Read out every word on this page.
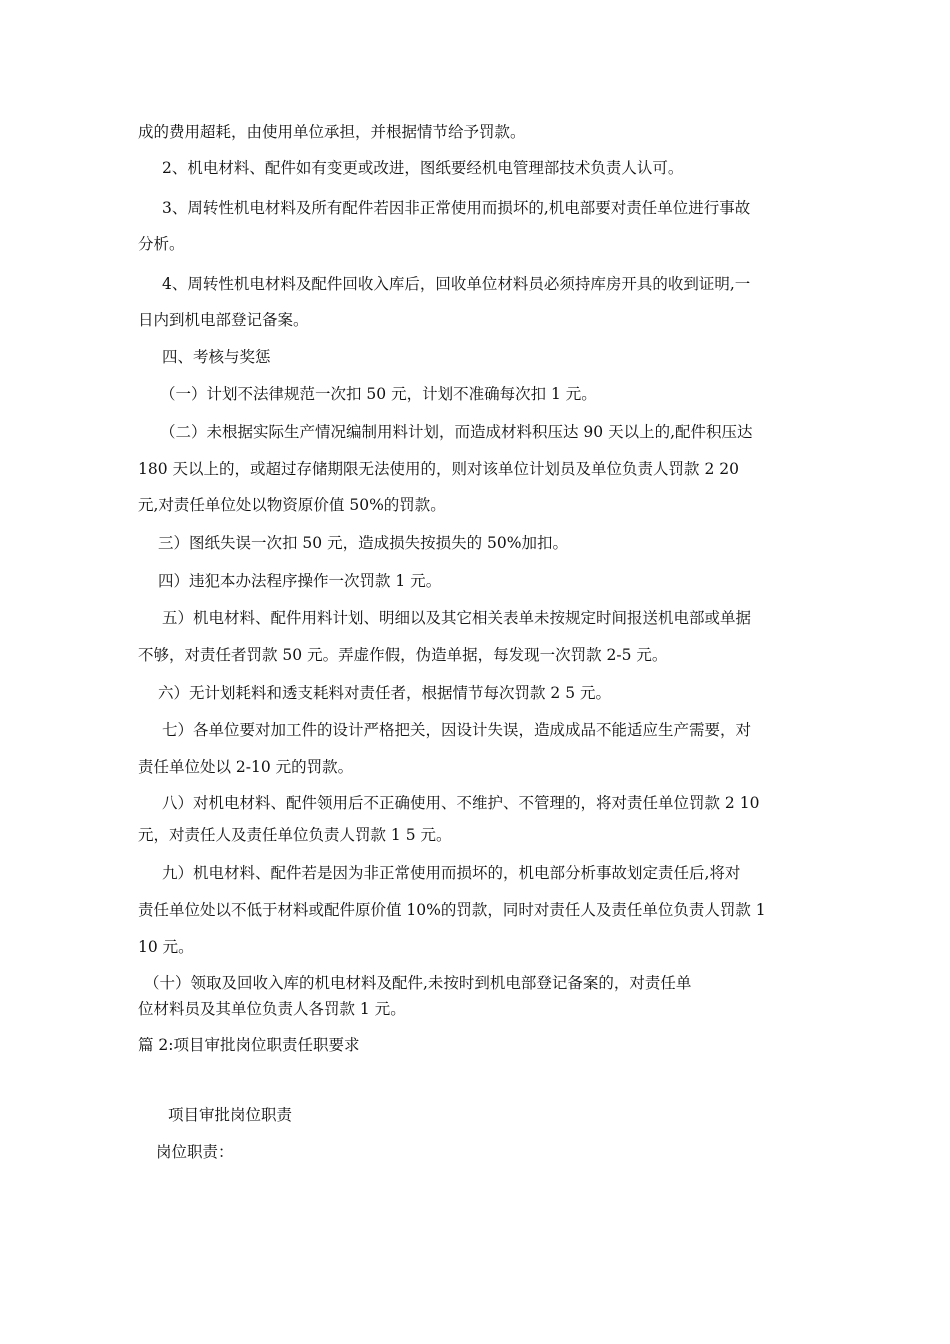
成的费用超耗，由使用单位承担，并根据情节给予罚款。
2、机电材料、配件如有变更或改进，图纸要经机电管理部技术负责人认可。
3、周转性机电材料及所有配件若因非正常使用而损坏的,机电部要对责任单位进行事故
分析。
4、周转性机电材料及配件回收入库后，回收单位材料员必须持库房开具的收到证明,一
日内到机电部登记备案。
四、考核与奖惩
（一）计划不法律规范一次扣 50 元，计划不准确每次扣 1 元。
（二）未根据实际生产情况编制用料计划，而造成材料积压达 90 天以上的,配件积压达
180 天以上的，或超过存储期限无法使用的，则对该单位计划员及单位负责人罚款 2 20
元,对责任单位处以物资原价值 50%的罚款。
三）图纸失误一次扣 50 元，造成损失按损失的 50%加扣。
四）违犯本办法程序操作一次罚款 1 元。
五）机电材料、配件用料计划、明细以及其它相关表单未按规定时间报送机电部或单据
不够，对责任者罚款 50 元。弄虚作假，伪造单据，每发现一次罚款 2-5 元。
六）无计划耗料和透支耗料对责任者，根据情节每次罚款 2 5 元。
七）各单位要对加工件的设计严格把关，因设计失误，造成成品不能适应生产需要，对
责任单位处以 2-10 元的罚款。
八）对机电材料、配件领用后不正确使用、不维护、不管理的，将对责任单位罚款 2 10
元，对责任人及责任单位负责人罚款 1 5 元。
九）机电材料、配件若是因为非正常使用而损坏的，机电部分析事故划定责任后,将对
责任单位处以不低于材料或配件原价值 10%的罚款，同时对责任人及责任单位负责人罚款 1
10 元。
（十）领取及回收入库的机电材料及配件,未按时到机电部登记备案的，对责任单
位材料员及其单位负责人各罚款 1 元。
篇 2:项目审批岗位职责任职要求
项目审批岗位职责
岗位职责：
